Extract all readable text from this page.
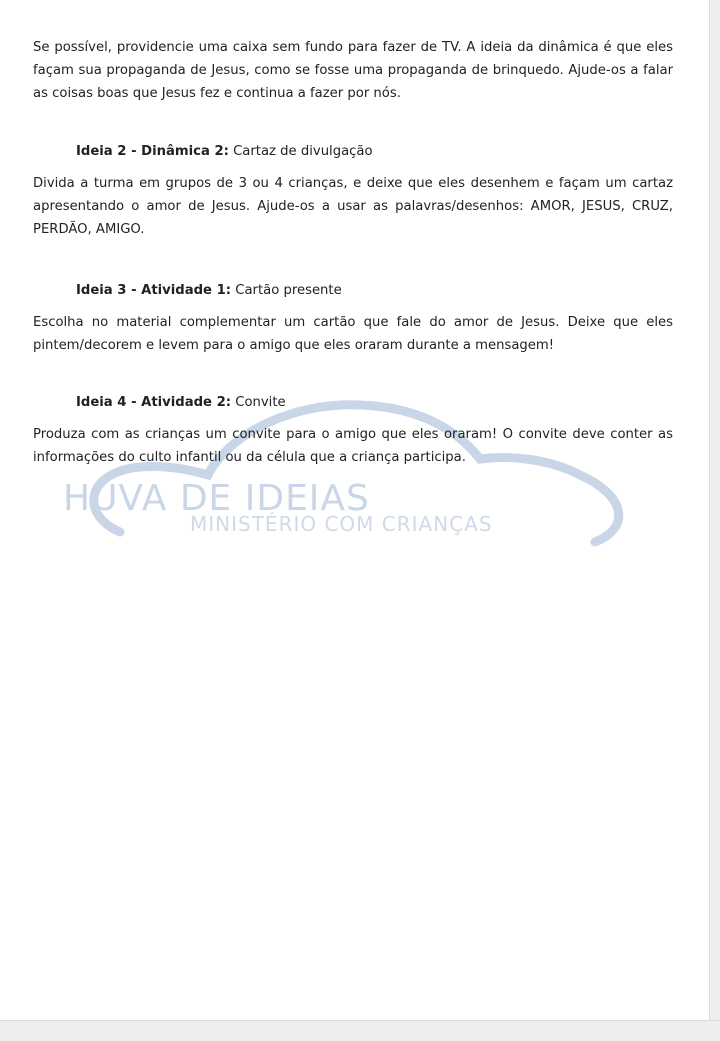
HUVA DE IDEIAS
MINISTÉRIO COM CRIANÇAS

Se possível, providencie uma caixa sem fundo para fazer de TV. A ideia da dinâmica é que eles façam sua propaganda de Jesus, como se fosse uma propaganda de brinquedo. Ajude-os a falar as coisas boas que Jesus fez e continua a fazer por nós.

Ideia 2 - Dinâmica 2: Cartaz de divulgação

Divida a turma em grupos de 3 ou 4 crianças, e deixe que eles desenhem e façam um cartaz apresentando o amor de Jesus. Ajude-os a usar as palavras/desenhos: AMOR, JESUS, CRUZ, PERDÃO, AMIGO.

Ideia 3 - Atividade 1: Cartão presente

Escolha no material complementar um cartão que fale do amor de Jesus. Deixe que eles pintem/decorem e levem para o amigo que eles oraram durante a mensagem!

Ideia 4 - Atividade 2: Convite

Produza com as crianças um convite para o amigo que eles oraram! O convite deve conter as informações do culto infantil ou da célula que a criança participa.
